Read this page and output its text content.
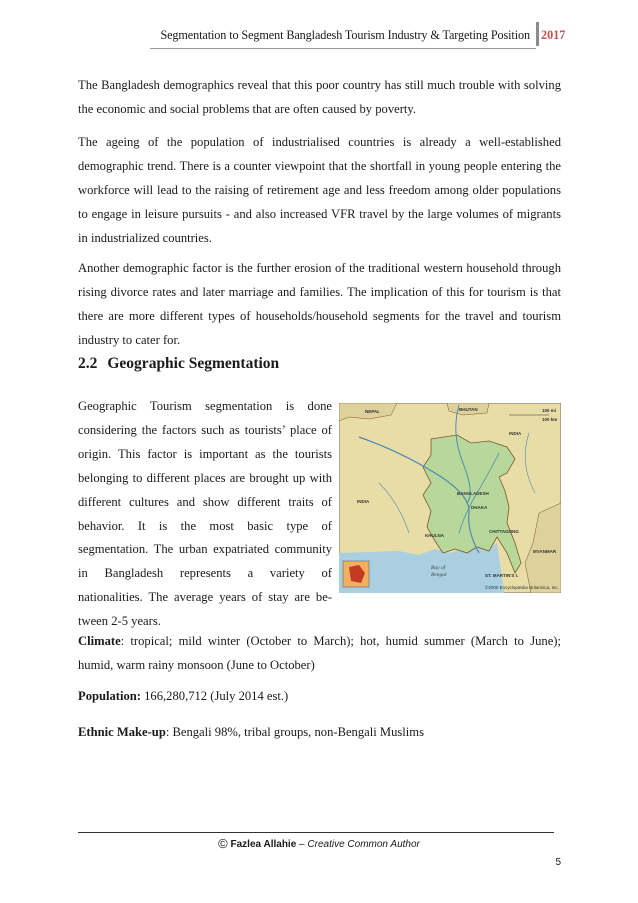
Segmentation to Segment Bangladesh Tourism Industry & Targeting Position 2017

The Bangladesh demographics reveal that this poor country has still much trouble with solving the economic and social problems that are often caused by poverty.

The ageing of the population of industrialised countries is already a well-established demographic trend. There is a counter viewpoint that the shortfall in young people entering the workforce will lead to the raising of retirement age and less freedom among older populations to engage in leisure pursuits - and also increased VFR travel by the large volumes of migrants in industrialized countries.

Another demographic factor is the further erosion of the traditional western household through rising divorce rates and later marriage and families. The implication of this for tourism is that there are more different types of households/household segments for the travel and tourism industry to cater for.

2.2 Geographic Segmentation

Geographic Tourism segmentation is done considering the factors such as tourists’ place of origin. This factor is important as the tourists belonging to different places are brought up with different cultures and show different traits of behavior. It is the most basic type of segmentation. The urban expatriated community in Bangladesh represents a variety of nationalities. The average years of stay are be-tween 2-5 years.

100 mi
100 km
NEPAL	BHUTAN
INDIA
INDIA
BANGLADESH
DHAKA
KHULNA
CHITTAGONG
MYANMAR
Bay of
Bengal	ST. MARTIN'S I.
©2000 Encyclopædia Britannica, Inc.

Climate: tropical; mild winter (October to March); hot, humid summer (March to June); humid, warm rainy monsoon (June to October)

Population: 166,280,712 (July 2014 est.)

Ethnic Make-up: Bengali 98%, tribal groups, non-Bengali Muslims

© Fazlea Allahie – Creative Common Author
5
